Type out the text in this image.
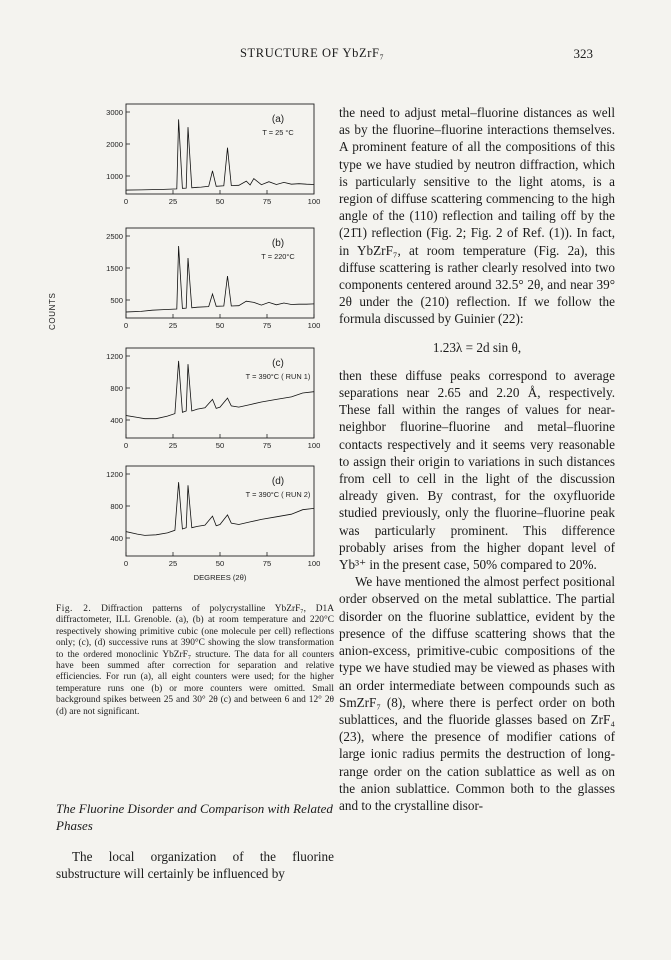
STRUCTURE OF YbZrF₇	323
3000
2000
1000
0	25	50	75	100
(a)
T = 25 °C
2500
1500
500
0	25	50	75	100
(b)
T = 220°C
1200
800
400
0	25	50	75	100
(c)
T = 390°C ( RUN 1)
1200
800
400
0	25	50	75	100
(d)
T = 390°C ( RUN 2)
DEGREES (2θ)
COUNTS
Fig. 2. Diffraction patterns of polycrystalline YbZrF₇, D1A diffractometer, ILL Grenoble. (a), (b) at room temperature and 220°C respectively showing primitive cubic (one molecule per cell) reflections only; (c), (d) successive runs at 390°C showing the slow transformation to the ordered monoclinic YbZrF₇ structure. The data for all counters have been summed after correction for separation and relative efficiencies. For run (a), all eight counters were used; for the higher temperature runs one (b) or more counters were omitted. Small background spikes between 25 and 30° 2θ (c) and between 6 and 12° 2θ (d) are not significant.
The Fluorine Disorder and Comparison with Related Phases
The local organization of the fluorine substructure will certainly be influenced by

the need to adjust metal–fluorine distances as well as by the fluorine–fluorine interactions themselves. A prominent feature of all the compositions of this type we have studied by neutron diffraction, which is particularly sensitive to the light atoms, is a region of diffuse scattering commencing to the high angle of the (110) reflection and tailing off by the (21̄1) reflection (Fig. 2; Fig. 2 of Ref. (1)). In fact, in YbZrF₇, at room temperature (Fig. 2a), this diffuse scattering is rather clearly resolved into two components centered around 32.5° 2θ, and near 39° 2θ under the (210) reflection. If we follow the formula discussed by Guinier (22):

1.23λ = 2d sin θ,

then these diffuse peaks correspond to average separations near 2.65 and 2.20 Å, respectively. These fall within the ranges of values for near-neighbor fluorine–fluorine and metal–fluorine contacts respectively and it seems very reasonable to assign their origin to variations in such distances from cell to cell in the light of the discussion already given. By contrast, for the oxyfluoride studied previously, only the fluorine–fluorine peak was particularly prominent. This difference probably arises from the higher dopant level of Yb³⁺ in the present case, 50% compared to 20%.

We have mentioned the almost perfect positional order observed on the metal sublattice. The partial disorder on the fluorine sublattice, evident by the presence of the diffuse scattering shows that the anion-excess, primitive-cubic compositions of the type we have studied may be viewed as phases with an order intermediate between compounds such as SmZrF₇ (8), where there is perfect order on both sublattices, and the fluoride glasses based on ZrF₄ (23), where the presence of modifier cations of large ionic radius permits the destruction of long-range order on the cation sublattice as well as on the anion sublattice. Common both to the glasses and to the crystalline disor-
